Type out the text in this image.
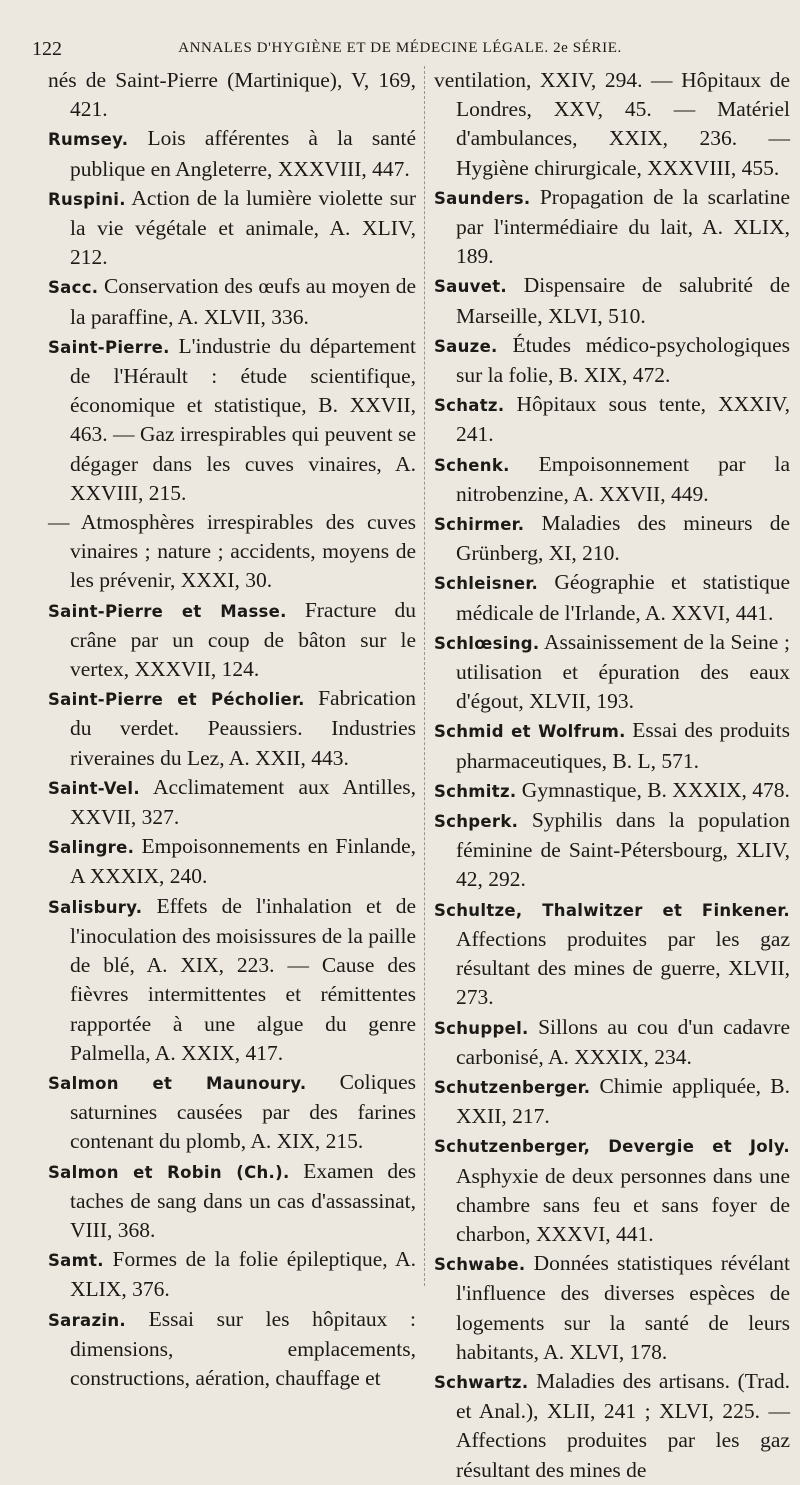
122	ANNALES D'HYGIÈNE ET DE MÉDECINE LÉGALE. 2e SÉRIE.
nés de Saint-Pierre (Martinique), V, 169, 421.
Rumsey. Lois afférentes à la santé publique en Angleterre, XXXVIII, 447.
Ruspini. Action de la lumière violette sur la vie végétale et animale, A. XLIV, 212.
Sacc. Conservation des œufs au moyen de la paraffine, A. XLVII, 336.
Saint-Pierre. L'industrie du département de l'Hérault : étude scientifique, économique et statistique, B. XXVII, 463. — Gaz irrespirables qui peuvent se dégager dans les cuves vinaires, A. XXVIII, 215.
— Atmosphères irrespirables des cuves vinaires ; nature ; accidents, moyens de les prévenir, XXXI, 30.
Saint-Pierre et Masse. Fracture du crâne par un coup de bâton sur le vertex, XXXVII, 124.
Saint-Pierre et Pécholier. Fabrication du verdet. Peaussiers. Industries riveraines du Lez, A. XXII, 443.
Saint-Vel. Acclimatement aux Antilles, XXVII, 327.
Salingre. Empoisonnements en Finlande, A XXXIX, 240.
Salisbury. Effets de l'inhalation et de l'inoculation des moisissures de la paille de blé, A. XIX, 223. — Cause des fièvres intermittentes et rémittentes rapportée à une algue du genre Palmella, A. XXIX, 417.
Salmon et Maunoury. Coliques saturnines causées par des farines contenant du plomb, A. XIX, 215.
Salmon et Robin (Ch.). Examen des taches de sang dans un cas d'assassinat, VIII, 368.
Samt. Formes de la folie épileptique, A. XLIX, 376.
Sarazin. Essai sur les hôpitaux : dimensions, emplacements, constructions, aération, chauffage et
ventilation, XXIV, 294. — Hôpitaux de Londres, XXV, 45. — Matériel d'ambulances, XXIX, 236. — Hygiène chirurgicale, XXXVIII, 455.
Saunders. Propagation de la scarlatine par l'intermédiaire du lait, A. XLIX, 189.
Sauvet. Dispensaire de salubrité de Marseille, XLVI, 510.
Sauze. Études médico-psychologiques sur la folie, B. XIX, 472.
Schatz. Hôpitaux sous tente, XXXIV, 241.
Schenk. Empoisonnement par la nitrobenzine, A. XXVII, 449.
Schirmer. Maladies des mineurs de Grünberg, XI, 210.
Schleisner. Géographie et statistique médicale de l'Irlande, A. XXVI, 441.
Schlœsing. Assainissement de la Seine ; utilisation et épuration des eaux d'égout, XLVII, 193.
Schmid et Wolfrum. Essai des produits pharmaceutiques, B. L, 571.
Schmitz. Gymnastique, B. XXXIX, 478.
Schperk. Syphilis dans la population féminine de Saint-Pétersbourg, XLIV, 42, 292.
Schultze, Thalwitzer et Finkener. Affections produites par les gaz résultant des mines de guerre, XLVII, 273.
Schuppel. Sillons au cou d'un cadavre carbonisé, A. XXXIX, 234.
Schutzenberger. Chimie appliquée, B. XXII, 217.
Schutzenberger, Devergie et Joly. Asphyxie de deux personnes dans une chambre sans feu et sans foyer de charbon, XXXVI, 441.
Schwabe. Données statistiques révélant l'influence des diverses espèces de logements sur la santé de leurs habitants, A. XLVI, 178.
Schwartz. Maladies des artisans. (Trad. et Anal.), XLII, 241 ; XLVI, 225. — Affections produites par les gaz résultant des mines de
